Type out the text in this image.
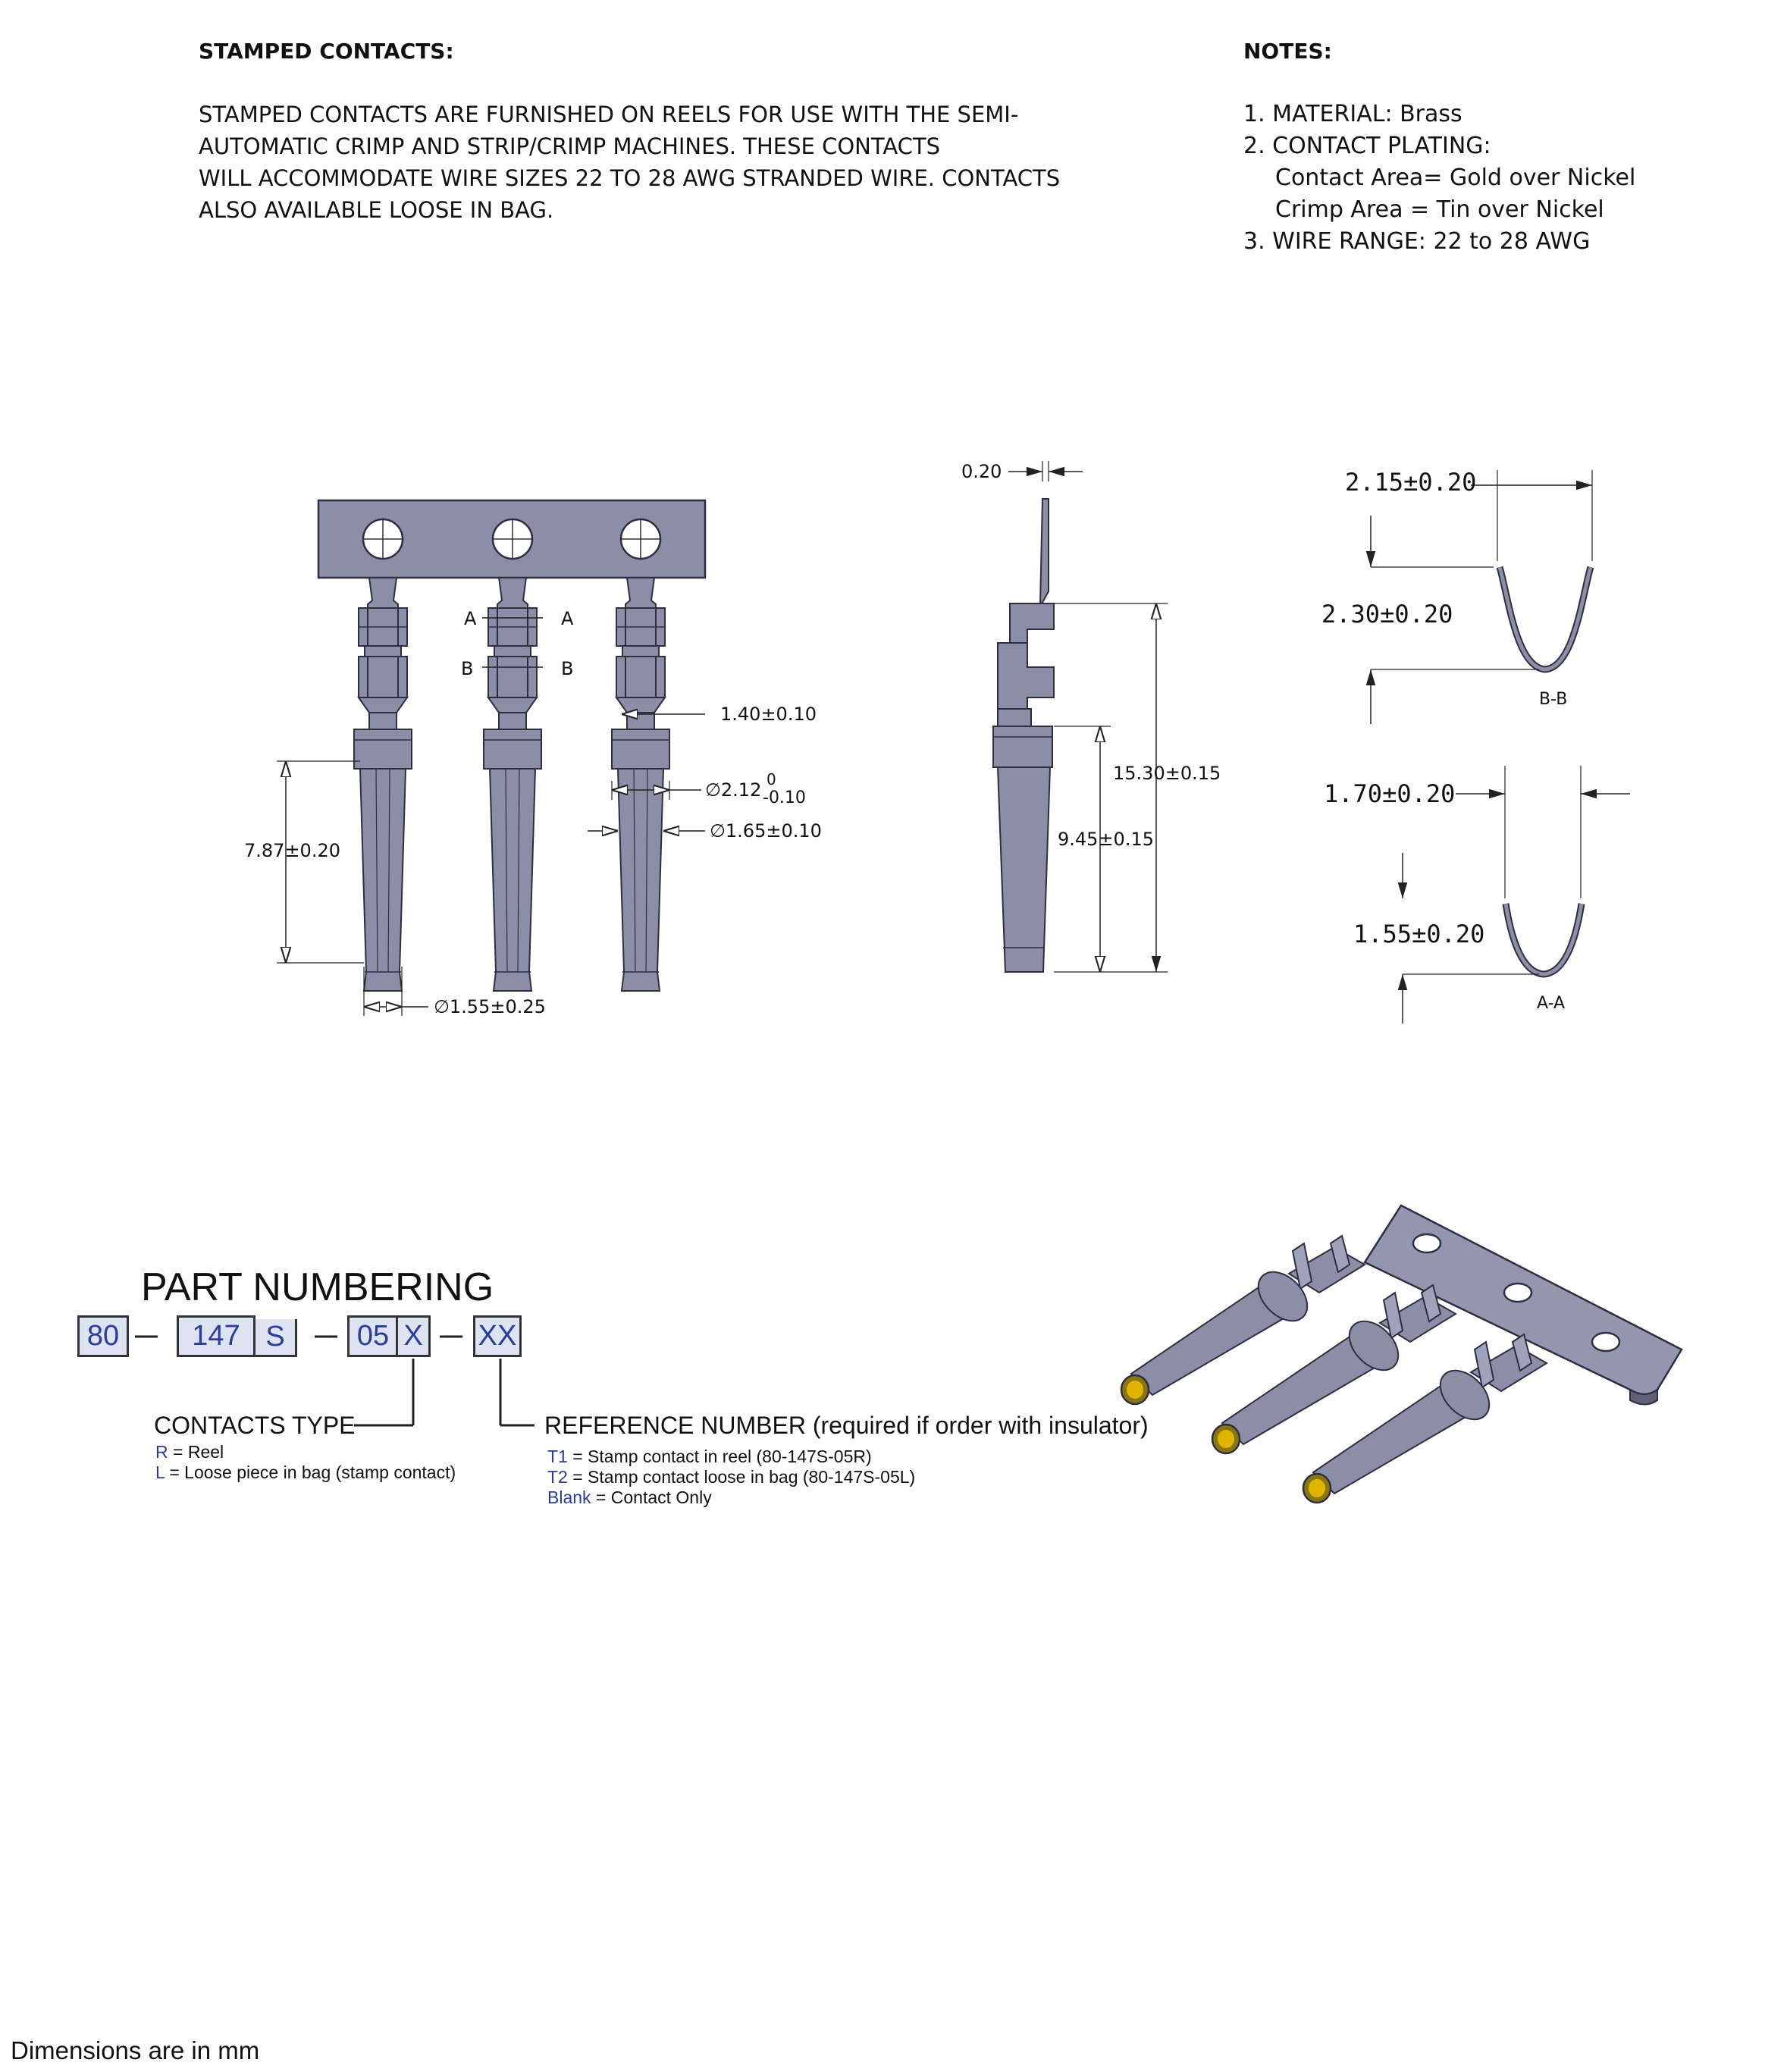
STAMPED CONTACTS:
STAMPED CONTACTS ARE FURNISHED ON REELS FOR USE WITH THE SEMI-
AUTOMATIC CRIMP AND STRIP/CRIMP MACHINES. THESE CONTACTS
WILL ACCOMMODATE WIRE SIZES 22 TO 28 AWG STRANDED WIRE. CONTACTS
ALSO AVAILABLE LOOSE IN BAG.
NOTES:
1. MATERIAL: Brass
2. CONTACT PLATING:
Contact Area= Gold over Nickel
Crimp Area = Tin over Nickel
3. WIRE RANGE: 22 to 28 AWG
A	A
B	B
1.40±0.10
∅2.12 0
-0.10
∅1.65±0.10
7.87±0.20
∅1.55±0.25
0.20
15.30±0.15
9.45±0.15
2.15±0.20
2.30±0.20
B-B
1.70±0.20
1.55±0.20
A-A
PART NUMBERING
80	147 S	05 X XX
CONTACTS TYPE
R = Reel
L = Loose piece in bag (stamp contact)
REFERENCE NUMBER (required if order with insulator)
T1 = Stamp contact in reel (80-147S-05R)
T2 = Stamp contact loose in bag (80-147S-05L)
Blank = Contact Only
Dimensions are in mm
